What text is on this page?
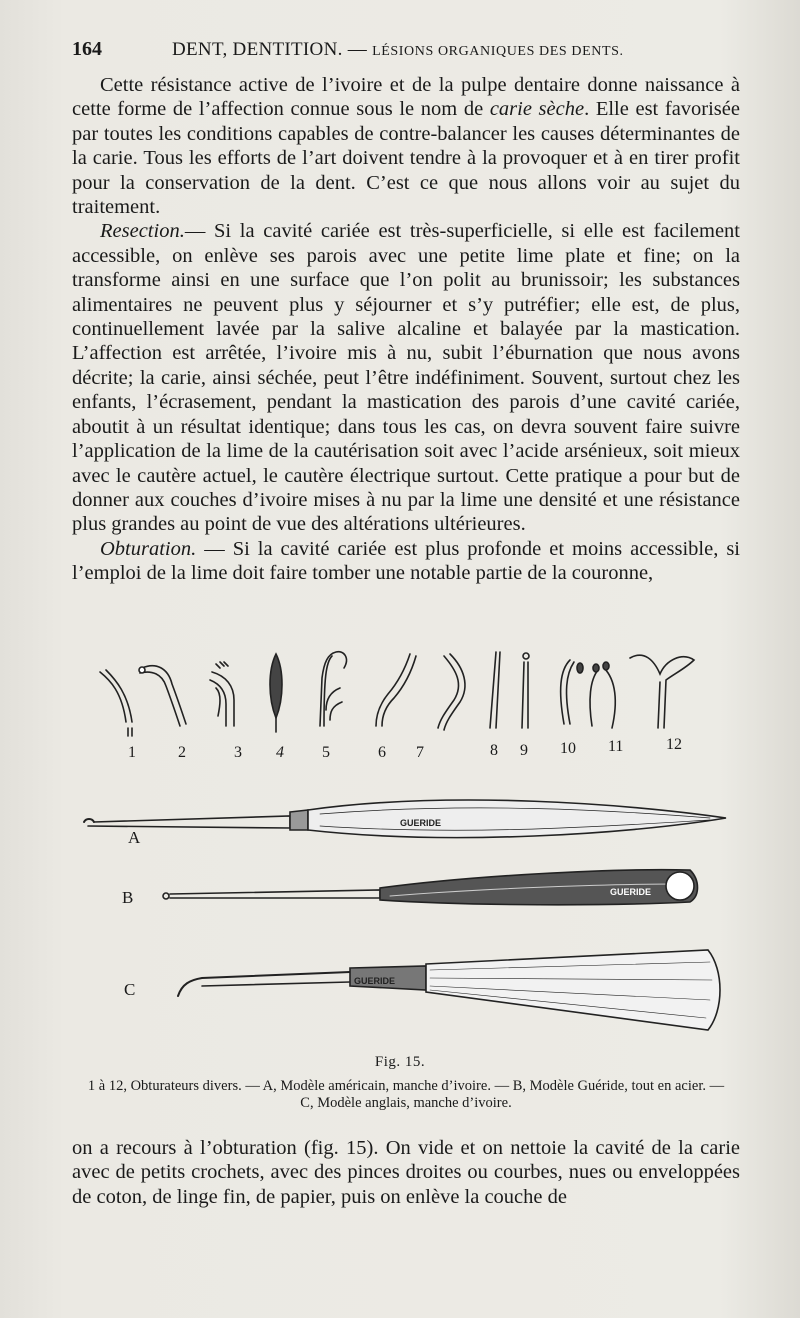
164	DENT, DENTITION. — LÉSIONS ORGANIQUES DES DENTS.

Cette résistance active de l’ivoire et de la pulpe dentaire donne naissance à cette forme de l’affection connue sous le nom de carie sèche. Elle est favorisée par toutes les conditions capables de contre-balancer les causes déterminantes de la carie. Tous les efforts de l’art doivent tendre à la provoquer et à en tirer profit pour la conservation de la dent. C’est ce que nous allons voir au sujet du traitement.

Resection.— Si la cavité cariée est très-superficielle, si elle est facilement accessible, on enlève ses parois avec une petite lime plate et fine; on la transforme ainsi en une surface que l’on polit au brunissoir; les substances alimentaires ne peuvent plus y séjourner et s’y putréfier; elle est, de plus, continuellement lavée par la salive alcaline et balayée par la mastication. L’affection est arrêtée, l’ivoire mis à nu, subit l’éburnation que nous avons décrite; la carie, ainsi séchée, peut l’être indéfiniment. Souvent, surtout chez les enfants, l’écrasement, pendant la mastication des parois d’une cavité cariée, aboutit à un résultat identique; dans tous les cas, on devra souvent faire suivre l’application de la lime de la cautérisation soit avec l’acide arsénieux, soit mieux avec le cautère actuel, le cautère électrique surtout. Cette pratique a pour but de donner aux couches d’ivoire mises à nu par la lime une densité et une résistance plus grandes au point de vue des altérations ultérieures.

Obturation. — Si la cavité cariée est plus profonde et moins accessible, si l’emploi de la lime doit faire tomber une notable partie de la couronne,

GUERIDE
GUERIDE
GUERIDE
1	2	3 4 5	6 7	8 9 10 11	12
A
B
C
Fig. 15.
1 à 12, Obturateurs divers. — A, Modèle américain, manche d’ivoire. — B, Modèle Guéride, tout en acier. — C, Modèle anglais, manche d’ivoire.

on a recours à l’obturation (fig. 15). On vide et on nettoie la cavité de la carie avec de petits crochets, avec des pinces droites ou courbes, nues ou enveloppées de coton, de linge fin, de papier, puis on enlève la couche de
